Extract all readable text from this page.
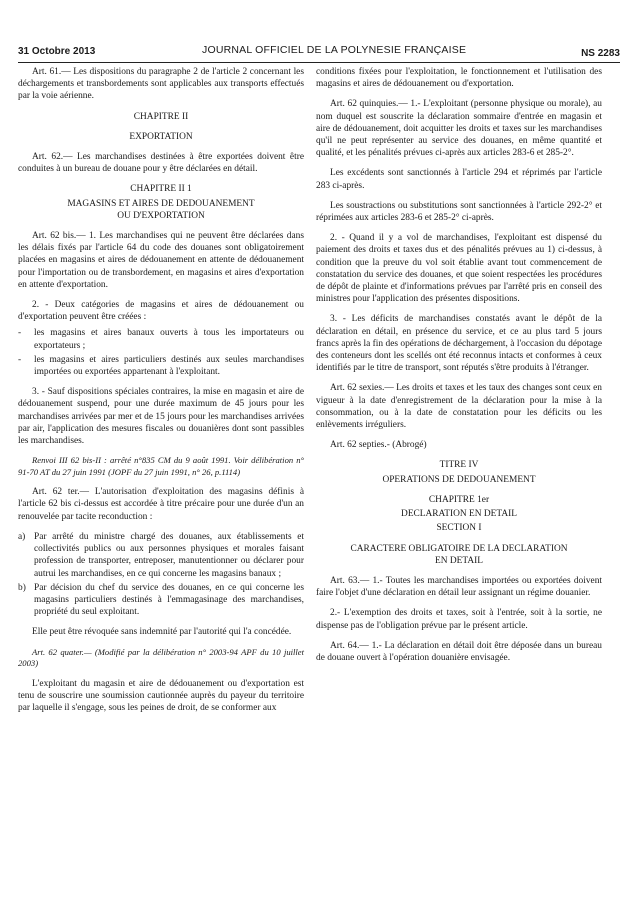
31 Octobre 2013	JOURNAL OFFICIEL DE LA POLYNESIE FRANÇAISE	NS 2283

Art. 61.— Les dispositions du paragraphe 2 de l'article 2 concernant les déchargements et transbordements sont applicables aux transports effectués par la voie aérienne.

CHAPITRE II
EXPORTATION

Art. 62.— Les marchandises destinées à être exportées doivent être conduites à un bureau de douane pour y être déclarées en détail.

CHAPITRE II 1
MAGASINS ET AIRES DE DEDOUANEMENT
OU D'EXPORTATION

Art. 62 bis.— 1. Les marchandises qui ne peuvent être déclarées dans les délais fixés par l'article 64 du code des douanes sont obligatoirement placées en magasins et aires de dédouanement en attente de dédouanement pour l'importation ou de transbordement, en magasins et aires d'exportation en attente d'exportation.

2. - Deux catégories de magasins et aires de dédouanement ou d'exportation peuvent être créées :

- les magasins et aires banaux ouverts à tous les importateurs ou exportateurs ;
- les magasins et aires particuliers destinés aux seules marchandises importées ou exportées appartenant à l'exploitant.

3. - Sauf dispositions spéciales contraires, la mise en magasin et aire de dédouanement suspend, pour une durée maximum de 45 jours pour les marchandises arrivées par mer et de 15 jours pour les marchandises arrivées par air, l'application des mesures fiscales ou douanières dont sont passibles les marchandises.

Renvoi III 62 bis-II : arrêté n°835 CM du 9 août 1991. Voir délibération n° 91-70 AT du 27 juin 1991 (JOPF du 27 juin 1991, n° 26, p.1114)

Art. 62 ter.— L'autorisation d'exploitation des magasins définis à l'article 62 bis ci-dessus est accordée à titre précaire pour une durée d'un an renouvelée par tacite reconduction :

a) Par arrêté du ministre chargé des douanes, aux établissements et collectivités publics ou aux personnes physiques et morales faisant profession de transporter, entreposer, manutentionner ou déclarer pour autrui les marchandises, en ce qui concerne les magasins banaux ;
b) Par décision du chef du service des douanes, en ce qui concerne les magasins particuliers destinés à l'emmagasinage des marchandises, propriété du seul exploitant.

Elle peut être révoquée sans indemnité par l'autorité qui l'a concédée.

Art. 62 quater.— (Modifié par la délibération n° 2003-94 APF du 10 juillet 2003)

L'exploitant du magasin et aire de dédouanement ou d'exportation est tenu de souscrire une soumission cautionnée auprès du payeur du territoire par laquelle il s'engage, sous les peines de droit, de se conformer aux

conditions fixées pour l'exploitation, le fonctionnement et l'utilisation des magasins et aires de dédouanement ou d'exportation.

Art. 62 quinquies.— 1.- L'exploitant (personne physique ou morale), au nom duquel est souscrite la déclaration sommaire d'entrée en magasin et aire de dédouanement, doit acquitter les droits et taxes sur les marchandises qu'il ne peut représenter au service des douanes, en même quantité et qualité, et les pénalités prévues ci-après aux articles 283-6 et 285-2°.

Les excédents sont sanctionnés à l'article 294 et réprimés par l'article 283 ci-après.

Les soustractions ou substitutions sont sanctionnées à l'article 292-2° et réprimées aux articles 283-6 et 285-2° ci-après.

2. - Quand il y a vol de marchandises, l'exploitant est dispensé du paiement des droits et taxes dus et des pénalités prévues au 1) ci-dessus, à condition que la preuve du vol soit établie avant tout commencement de constatation du service des douanes, et que soient respectées les procédures de dépôt de plainte et d'informations prévues par l'arrêté pris en conseil des ministres pour l'application des présentes dispositions.

3. - Les déficits de marchandises constatés avant le dépôt de la déclaration en détail, en présence du service, et ce au plus tard 5 jours francs après la fin des opérations de déchargement, à l'occasion du dépotage des conteneurs dont les scellés ont été reconnus intacts et conformes à ceux identifiés par le titre de transport, sont réputés s'être produits à l'étranger.

Art. 62 sexies.— Les droits et taxes et les taux des changes sont ceux en vigueur à la date d'enregistrement de la déclaration pour la mise à la consommation, ou à la date de constatation pour les déficits ou les enlèvements irréguliers.

Art. 62 septies.- (Abrogé)

TITRE IV
OPERATIONS DE DEDOUANEMENT
CHAPITRE 1er
DECLARATION EN DETAIL
SECTION I
CARACTERE OBLIGATOIRE DE LA DECLARATION
EN DETAIL

Art. 63.— 1.- Toutes les marchandises importées ou exportées doivent faire l'objet d'une déclaration en détail leur assignant un régime douanier.

2.- L'exemption des droits et taxes, soit à l'entrée, soit à la sortie, ne dispense pas de l'obligation prévue par le présent article.

Art. 64.— 1.- La déclaration en détail doit être déposée dans un bureau de douane ouvert à l'opération douanière envisagée.
